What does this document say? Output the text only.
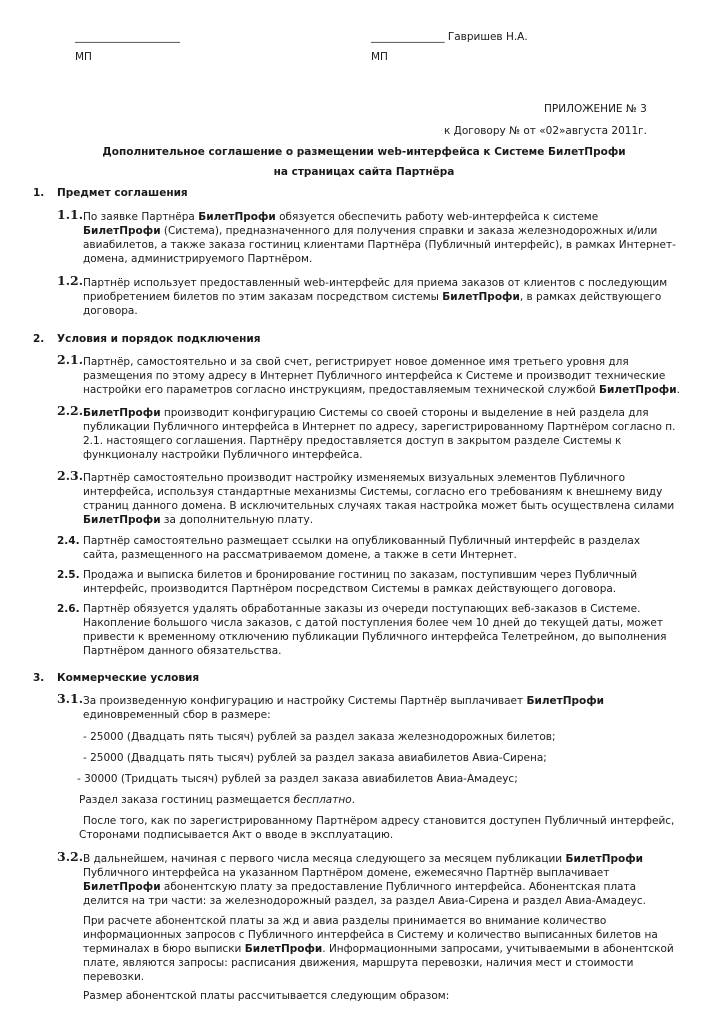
____________________
МП
______________ Гавришев Н.А.
МП
ПРИЛОЖЕНИЕ № 3
к Договору № от «02»августа 2011г.
Дополнительное соглашение о размещении web-интерфейса к Системе БилетПрофи
на страницах сайта Партнёра
1. Предмет соглашения
1.1. По заявке Партнёра БилетПрофи обязуется обеспечить работу web-интерфейса к системе
БилетПрофи (Система), предназначенного для получения справки и заказа железнодорожных и/или
авиабилетов, а также заказа гостиниц клиентами Партнёра (Публичный интерфейс), в рамках Интернет-
домена, администрируемого Партнёром.
1.2. Партнёр использует предоставленный web-интерфейс для приема заказов от клиентов с последующим
приобретением билетов по этим заказам посредством системы БилетПрофи, в рамках действующего
договора.
2. Условия и порядок подключения
2.1. Партнёр, самостоятельно и за свой счет, регистрирует новое доменное имя третьего уровня для
размещения по этому адресу в Интернет Публичного интерфейса к Системе и производит технические
настройки его параметров согласно инструкциям, предоставляемым технической службой БилетПрофи.
2.2. БилетПрофи производит конфигурацию Системы со своей стороны и выделение в ней раздела для
публикации Публичного интерфейса в Интернет по адресу, зарегистрированному Партнёром согласно п.
2.1. настоящего соглашения. Партнёру предоставляется доступ в закрытом разделе Системы к
функционалу настройки Публичного интерфейса.
2.3. Партнёр самостоятельно производит настройку изменяемых визуальных элементов Публичного
интерфейса, используя стандартные механизмы Системы, согласно его требованиям к внешнему виду
страниц данного домена. В исключительных случаях такая настройка может быть осуществлена силами
БилетПрофи за дополнительную плату.
2.4. Партнёр самостоятельно размещает ссылки на опубликованный Публичный интерфейс в разделах
сайта, размещенного на рассматриваемом домене, а также в сети Интернет.
2.5. Продажа и выписка билетов и бронирование гостиниц по заказам, поступившим через Публичный
интерфейс, производится Партнёром посредством Системы в рамках действующего договора.
2.6. Партнёр обязуется удалять обработанные заказы из очереди поступающих веб-заказов в Системе.
Накопление большого числа заказов, с датой поступления более чем 10 дней до текущей даты, может
привести к временному отключению публикации Публичного интерфейса Телетрейном, до выполнения
Партнёром данного обязательства.
3. Коммерческие условия
3.1. За произведенную конфигурацию и настройку Системы Партнёр выплачивает БилетПрофи
единовременный сбор в размере:
- 25000 (Двадцать пять тысяч) рублей за раздел заказа железнодорожных билетов;
- 25000 (Двадцать пять тысяч) рублей за раздел заказа авиабилетов Авиа-Сирена;
- 30000 (Тридцать тысяч) рублей за раздел заказа авиабилетов Авиа-Амадеус;
Раздел заказа гостиниц размещается бесплатно.
После того, как по зарегистрированному Партнёром адресу становится доступен Публичный интерфейс,
Сторонами подписывается Акт о вводе в эксплуатацию.
3.2. В дальнейшем, начиная с первого числа месяца следующего за месяцем публикации БилетПрофи
Публичного интерфейса на указанном Партнёром домене, ежемесячно Партнёр выплачивает
БилетПрофи абонентскую плату за предоставление Публичного интерфейса. Абонентская плата
делится на три части: за железнодорожный раздел, за раздел Авиа-Сирена и раздел Авиа-Амадеус.
При расчете абонентской платы за жд и авиа разделы принимается во внимание количество
информационных запросов с Публичного интерфейса в Систему и количество выписанных билетов на
терминалах в бюро выписки БилетПрофи. Информационными запросами, учитываемыми в абонентской
плате, являются запросы: расписания движения, маршрута перевозки, наличия мест и стоимости
перевозки.
Размер абонентской платы рассчитывается следующим образом:
